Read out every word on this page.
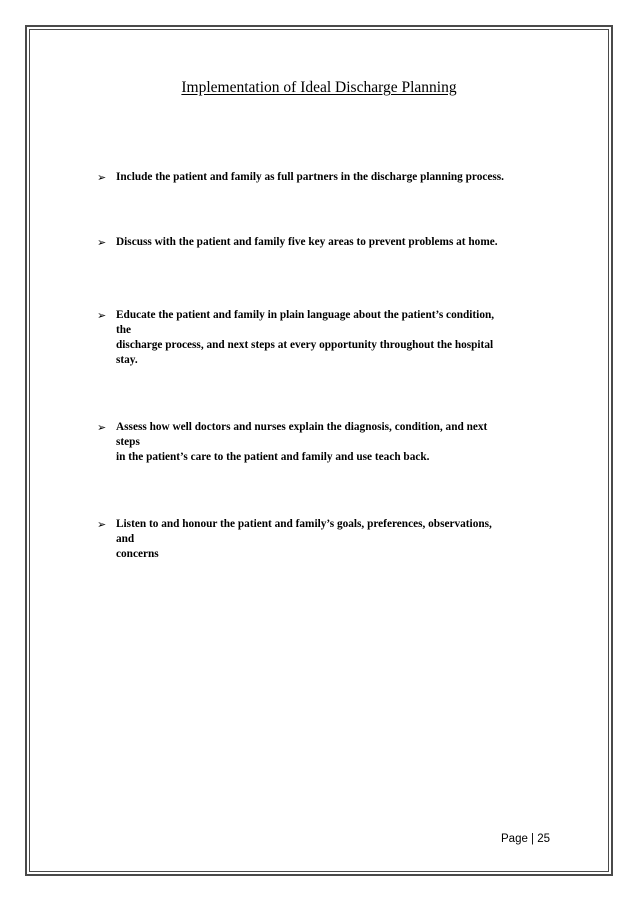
Implementation of Ideal Discharge Planning
➢ Include the patient and family as full partners in the discharge planning process.
➢ Discuss with the patient and family five key areas to prevent problems at home.
➢ Educate the patient and family in plain language about the patient’s condition,
the
discharge process, and next steps at every opportunity throughout the hospital
stay.
➢ Assess how well doctors and nurses explain the diagnosis, condition, and next
steps
in the patient’s care to the patient and family and use teach back.
➢ Listen to and honour the patient and family’s goals, preferences, observations,
and
concerns
Page | 25
